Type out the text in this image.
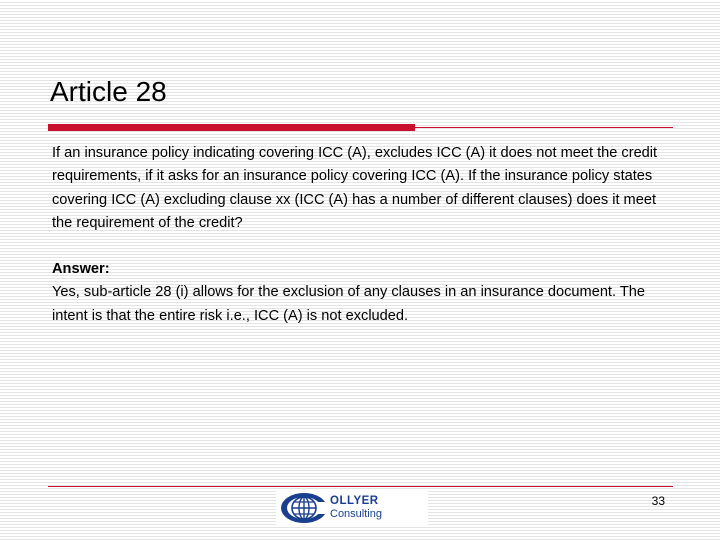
Article 28

If an insurance policy indicating covering ICC (A), excludes ICC (A) it does not meet the credit requirements, if it asks for an insurance policy covering ICC (A). If the insurance policy states covering ICC (A) excluding clause xx (ICC (A) has a number of different clauses) does it meet the requirement of the credit?

Answer:

Yes, sub-article 28 (i) allows for the exclusion of any clauses in an insurance document. The intent is that the entire risk i.e., ICC (A) is not excluded.

OLLYER
Consulting
33
